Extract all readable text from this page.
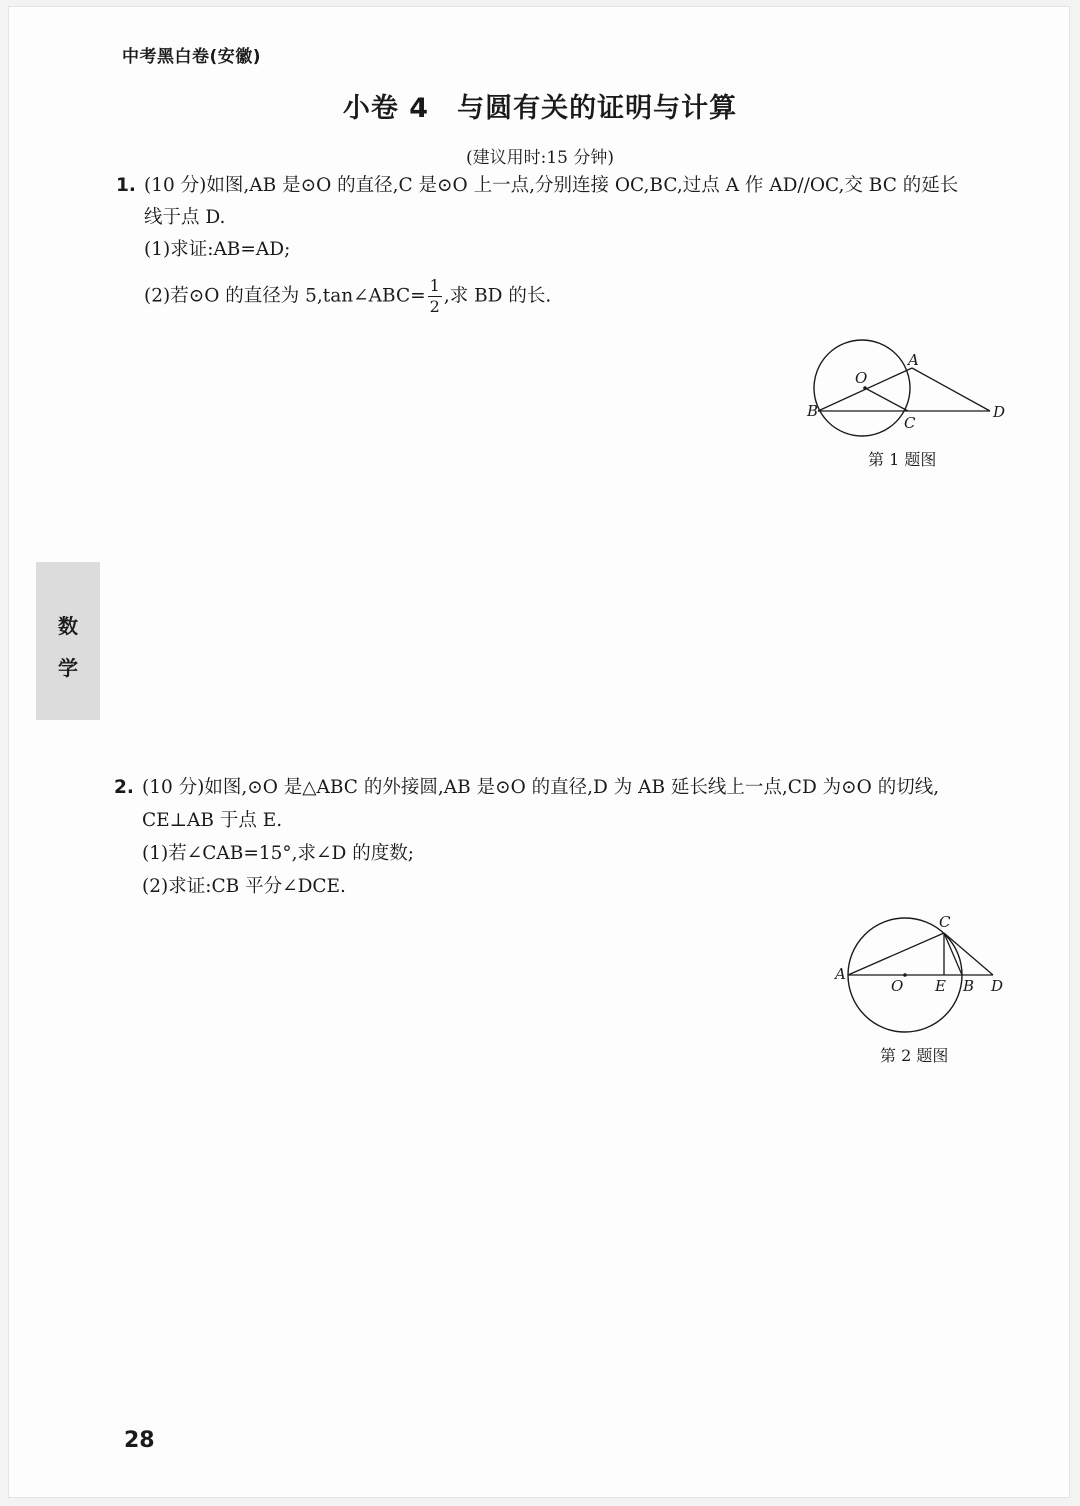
中考黑白卷(安徽)
小卷 4　与圆有关的证明与计算
(建议用时:15 分钟)
1. (10 分)如图,AB 是⊙O 的直径,C 是⊙O 上一点,分别连接 OC,BC,过点 A 作 AD//OC,交 BC 的延长
线于点 D.
(1)求证:AB=AD;
(2)若⊙O 的直径为 5,tan∠ABC= $\frac{1}{2}$ ,求 BD 的长.
A
O
B
C
D
第 1 题图
数
学
2. (10 分)如图,⊙O 是△ABC 的外接圆,AB 是⊙O 的直径,D 为 AB 延长线上一点,CD 为⊙O 的切线,
CE⊥AB 于点 E.
(1)若∠CAB=15°,求∠D 的度数;
(2)求证:CB 平分∠DCE.
A
O E B D
C
第 2 题图
28
